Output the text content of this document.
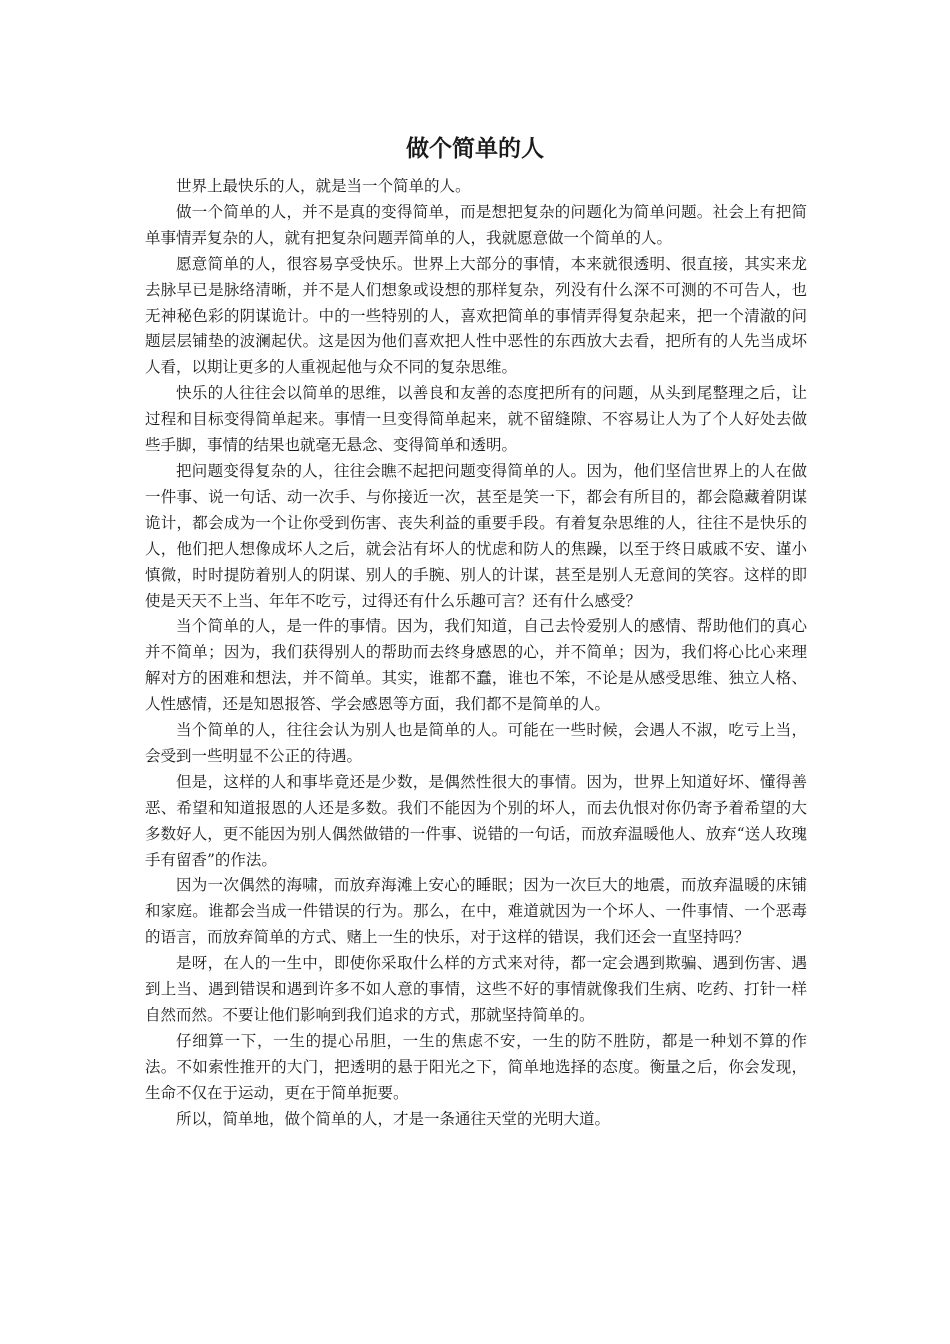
做个简单的人

世界上最快乐的人，就是当一个简单的人。

做一个简单的人，并不是真的变得简单，而是想把复杂的问题化为简单问题。社会上有把简单事情弄复杂的人，就有把复杂问题弄简单的人，我就愿意做一个简单的人。

愿意简单的人，很容易享受快乐。世界上大部分的事情，本来就很透明、很直接，其实来龙去脉早已是脉络清晰，并不是人们想象或设想的那样复杂，列没有什么深不可测的不可告人，也无神秘色彩的阴谋诡计。中的一些特别的人，喜欢把简单的事情弄得复杂起来，把一个清澈的问题层层铺垫的波澜起伏。这是因为他们喜欢把人性中恶性的东西放大去看，把所有的人先当成坏人看，以期让更多的人重视起他与众不同的复杂思维。

快乐的人往往会以简单的思维，以善良和友善的态度把所有的问题，从头到尾整理之后，让过程和目标变得简单起来。事情一旦变得简单起来，就不留缝隙、不容易让人为了个人好处去做些手脚，事情的结果也就毫无悬念、变得简单和透明。

把问题变得复杂的人，往往会瞧不起把问题变得简单的人。因为，他们坚信世界上的人在做一件事、说一句话、动一次手、与你接近一次，甚至是笑一下，都会有所目的，都会隐藏着阴谋诡计，都会成为一个让你受到伤害、丧失利益的重要手段。有着复杂思维的人，往往不是快乐的人，他们把人想像成坏人之后，就会沾有坏人的忧虑和防人的焦躁，以至于终日戚戚不安、谨小慎微，时时提防着别人的阴谋、别人的手腕、别人的计谋，甚至是别人无意间的笑容。这样的即使是天天不上当、年年不吃亏，过得还有什么乐趣可言？还有什么感受？

当个简单的人，是一件的事情。因为，我们知道，自己去怜爱别人的感情、帮助他们的真心并不简单；因为，我们获得别人的帮助而去终身感恩的心，并不简单；因为，我们将心比心来理解对方的困难和想法，并不简单。其实，谁都不蠢，谁也不笨，不论是从感受思维、独立人格、人性感情，还是知恩报答、学会感恩等方面，我们都不是简单的人。

当个简单的人，往往会认为别人也是简单的人。可能在一些时候，会遇人不淑，吃亏上当，会受到一些明显不公正的待遇。

但是，这样的人和事毕竟还是少数，是偶然性很大的事情。因为，世界上知道好坏、懂得善恶、希望和知道报恩的人还是多数。我们不能因为个别的坏人，而去仇恨对你仍寄予着希望的大多数好人，更不能因为别人偶然做错的一件事、说错的一句话，而放弃温暖他人、放弃“送人玫瑰手有留香”的作法。

因为一次偶然的海啸，而放弃海滩上安心的睡眠；因为一次巨大的地震，而放弃温暖的床铺和家庭。谁都会当成一件错误的行为。那么，在中，难道就因为一个坏人、一件事情、一个恶毒的语言，而放弃简单的方式、赌上一生的快乐，对于这样的错误，我们还会一直坚持吗？

是呀，在人的一生中，即使你采取什么样的方式来对待，都一定会遇到欺骗、遇到伤害、遇到上当、遇到错误和遇到许多不如人意的事情，这些不好的事情就像我们生病、吃药、打针一样自然而然。不要让他们影响到我们追求的方式，那就坚持简单的。

仔细算一下，一生的提心吊胆，一生的焦虑不安，一生的防不胜防，都是一种划不算的作法。不如索性推开的大门，把透明的悬于阳光之下，简单地选择的态度。衡量之后，你会发现，生命不仅在于运动，更在于简单扼要。

所以，简单地，做个简单的人，才是一条通往天堂的光明大道。
